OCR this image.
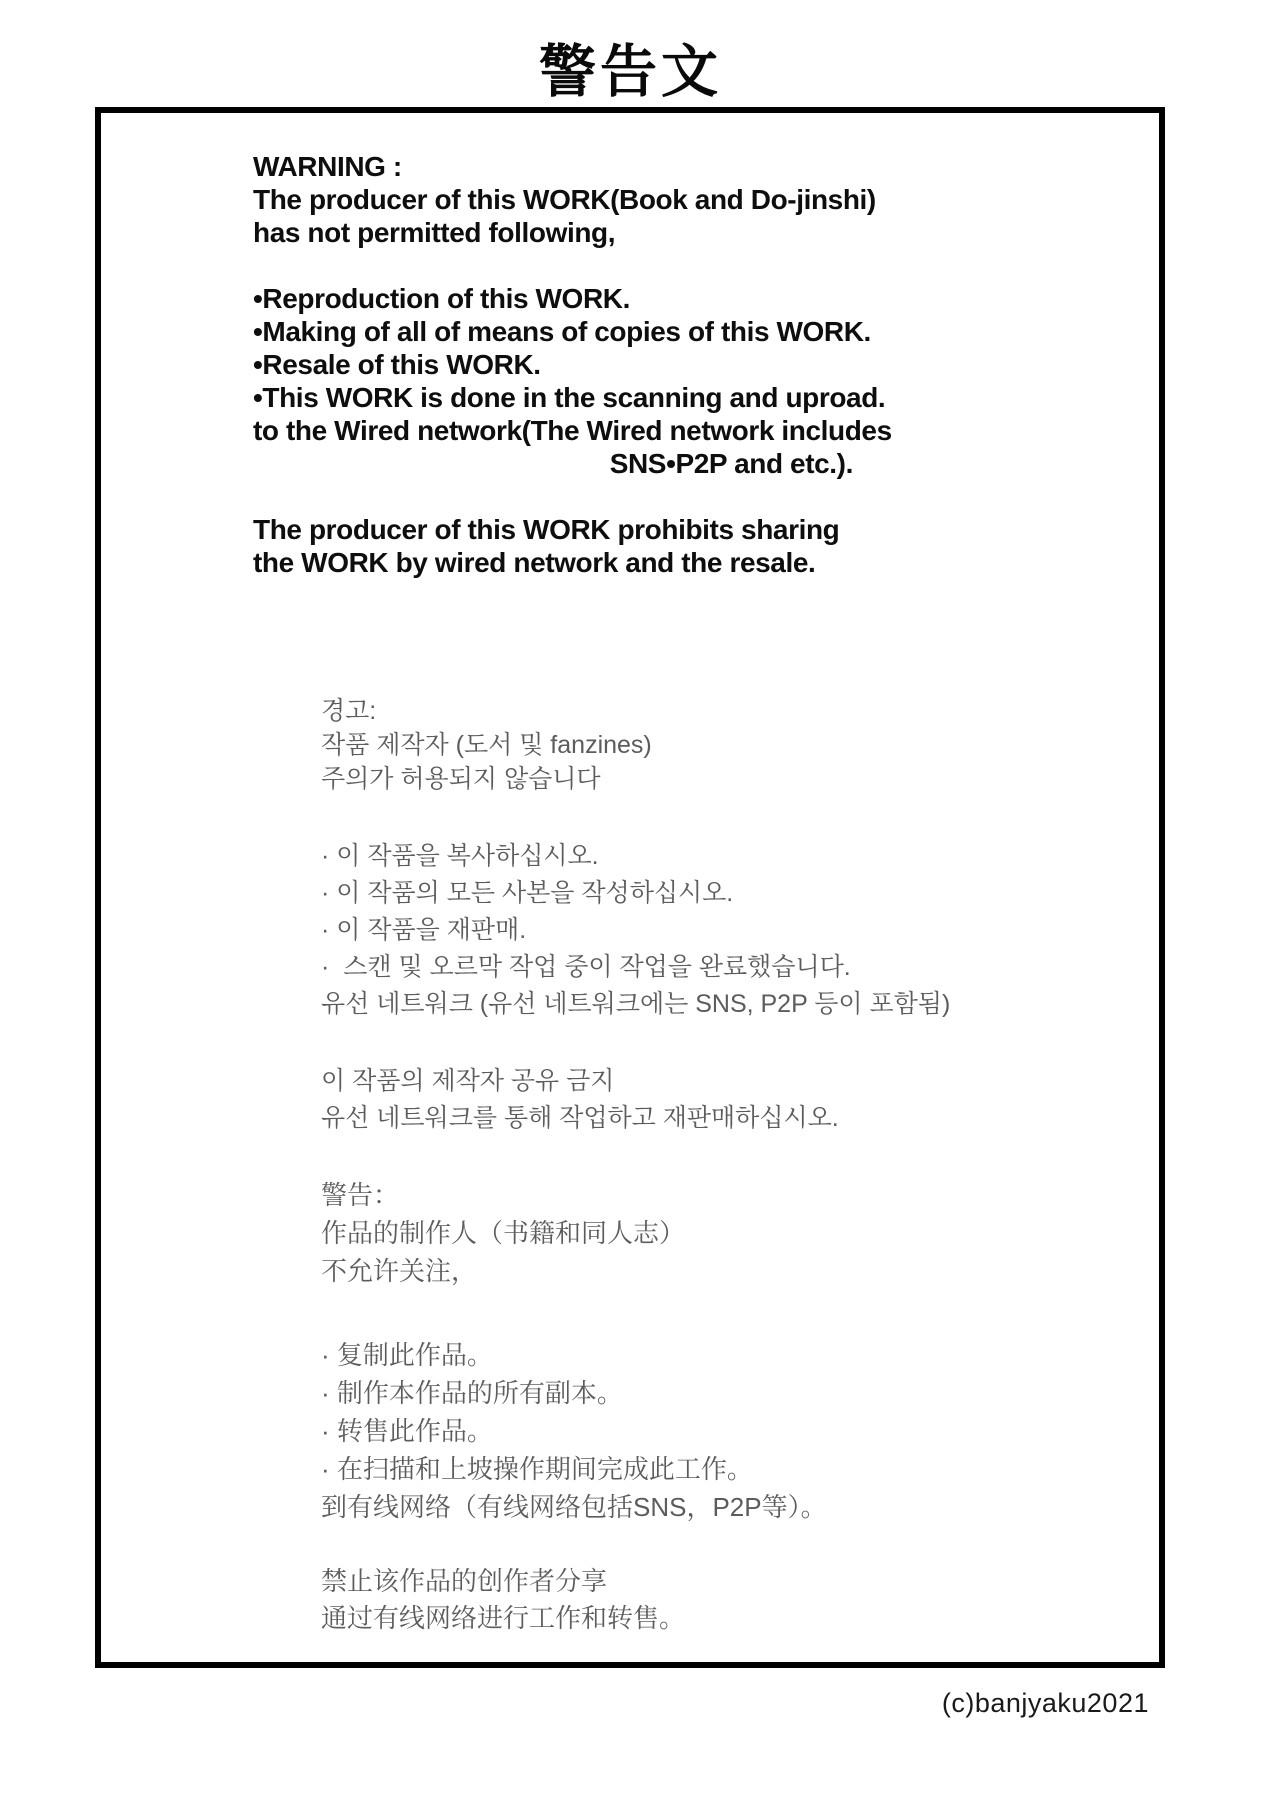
警告文
WARNING :
The producer of this WORK(Book and Do-jinshi)
has not permitted following,
•Reproduction of this WORK.
•Making of all of means of copies of this WORK.
•Resale of this WORK.
•This WORK is done in the scanning and uproad.
to the Wired network(The Wired network includes
SNS•P2P and etc.).
The producer of this WORK prohibits sharing
the WORK by wired network and the resale.
경고:
작품 제작자 (도서 및 fanzines)
주의가 허용되지 않습니다
· 이 작품을 복사하십시오.
· 이 작품의 모든 사본을 작성하십시오.
· 이 작품을 재판매.
·  스캔 및 오르막 작업 중이 작업을 완료했습니다.
유선 네트워크 (유선 네트워크에는 SNS, P2P 등이 포함됨)
이 작품의 제작자 공유 금지
유선 네트워크를 통해 작업하고 재판매하십시오.
警告：
作品的制作人（书籍和同人志）
不允许关注，
· 复制此作品。
· 制作本作品的所有副本。
· 转售此作品。
· 在扫描和上坡操作期间完成此工作。
到有线网络（有线网络包括SNS，P2P等）。
禁止该作品的创作者分享
通过有线网络进行工作和转售。
(c)banjyaku2021
